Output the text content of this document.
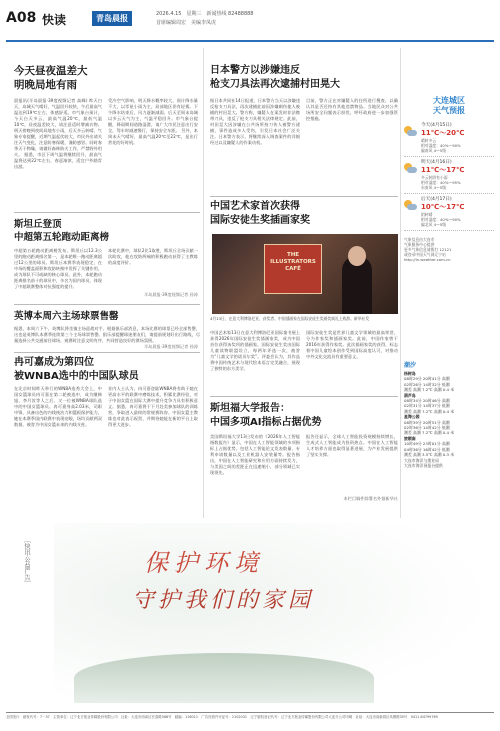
A08 快读	青岛晨报	2026.4.15　星期三　新闻热线 82488888
首席编辑周宏　美编李凤虎
今天昼夜温差大
明晚局地有雨
晨报讯(半岛晨报·39度视频记者 高峰) 昨天白天，岛城天气晴好，气温回升较快，午后最高气温达到19℃左右，体感舒适。市气象台预计，今天白天多云，最高气温20℃，最低气温10℃，昼夜温差较大，请注意适时增减衣物。明天傍晚到夜间局地有小雨，后天多云转晴。气象专家提醒，近期气温起伏较大，市民外出请关注天气变化，注意防寒保暖，谨防感冒。同时春季天干物燥，请做好森林防火工作，严禁野外用火。 据悉，市区下周气温将继续回升，最高气温将达到22℃左右，春意渐浓，适宜户外踏青出游。
受冷空气影响，明天降水概率较大，预计降水量不大，以零星小雨为主，局部地区伴有轻雾。下午降水结束后，风力逐渐减弱。后天至周末岛城以多云天气为主，气温平稳回升。市气象台提醒，降雨期间道路湿滑，请广大市民注意出行安全，驾车时减速慢行，保持安全车距。 另外，本周末天气晴好，最高气温20℃至22℃，是出行赏花的好时机。
斯坦丘登顶
中超第五轮跑动距离榜
中超第五轮跑动距离榜发布，斯坦丘以12.3公里的跑动距离排名第一，是本轮唯一跑动距离超过12公里的球员。斯坦丘本赛季表现稳定，在中场的覆盖面积和攻防转换中发挥了关键作用，成为球队不可或缺的核心球员。此外，本轮跑动距离排名前十的球员中，多名为国内球员，体现了中超联赛整体对抗强度的提升。
本轮比赛中，球队2比1取胜，斯坦丘全场贡献一次助攻，他在攻防两端的积极跑动获得了主教练的高度评价。
半岛晨报·39度视频记者 孙涛
英博本周六主场球票售罄
据悉，本周六下午，英博队将坐镇主场迎战对手。根据俱乐部消息，本场比赛的球票已经全部售罄，这也是英博队本赛季连续第三个主场球票售罄。俱乐部提醒球迷朋友们，请提前规划好出行路线，尽量选择公共交通前往球场，观赛时注意文明有序，共同营造良好的赛场氛围。
半岛晨报·39度视频记者 孙涛
冉可嘉成为第四位
被WNBA选中的中国队球员
在北京时间昨天举行的WNBA选秀大会上，中国女篮球员冉可嘉在第二轮被选中，成为继韩旭、李月汝等人之后，又一位被WNBA球队选中的中国女篮球员。冉可嘉身高2.03米，司职中锋，具备出色的内线统治力和篮板保护能力。她在本赛季国内联赛中表现亮眼，场均贡献两双数据，被誉为中国女篮未来的内线支柱。
业内人士认为，冉可嘉登陆WNBA将有助于她在更高水平的联赛中磨练技术，积累比赛经验，对于中国女篮在国际大赛中提升竞争力具有积极意义。据悉，冉可嘉将于下月赴美参加球队的训练营，争取进入最终的常规赛阵容。中国女篮主教练也对此表示祝贺，并期待她能在新的平台上取得更大进步。
日本警方以涉嫌违反
枪支刀具法再次逮捕村田晃大
据日本共同社14日报道，日本警方当天以涉嫌违反枪支刀具法，再次逮捕此前因涉嫌刺伤他人被捕的村田晃大。警方称，嫌疑人在案发时非法携带刀具，违反了枪支刀具相关法律规定。此前，村田晃大因涉嫌在公共场所持刀伤人被警方逮捕，事件造成多人受伤，引发日本社会广泛关注。日本警方表示，将继续深入调查案件的详细经过以及嫌疑人的作案动机。
目前，警方正在对嫌疑人的住所进行搜查，以确认其是否还持有其他违禁物品。当地民众对公共场所安全问题表示担忧，呼吁政府进一步加强管控措施。
中国艺术家首次获得
国际安徒生奖插画家奖
THE ILLUSTRATORS CAFÉ
4月13日，在意大利博洛尼亚，获奖者、中国插画家在国际安徒生奖颁奖典礼上致辞。新华社发
中国艺术家13日在意大利博洛尼亚国际童书展上获得2026年国际安徒生奖插画家奖，成为中国首位获得该奖项的插画家。国际安徒生奖由国际儿童读物联盟设立，每两年评选一次，被誉为“儿童文学的诺贝尔奖”。评委会认为，其作品将中国传统艺术与现代绘本语言完美融合，展现了独特的东方美学。
国际安徒生奖是世界儿童文学领域的最高荣誉，分为作家奖和插画家奖。此前，中国作家曾于2016年获得作家奖。此次插画家奖的获得，标志着中国儿童绘本创作受到国际高度认可，对推动中外文化交流具有重要意义。
斯坦福大学报告：
中国多项AI指标占据优势
美国斯坦福大学13日发布的《2026年人工智能指数报告》显示，中国在人工智能领域的多项指标上占据优势，包括人工智能论文发表数量、专利申请数量以及工业机器人安装量等。报告指出，中国在人工智能研究和应用方面持续发力，与美国之间的差距正在迅速缩小，部分领域已实现领先。
报告还显示，全球人工智能投资规模持续增长，生成式人工智能成为投资热点。中国在人工智能人才培养方面也取得显著进展，为产业发展提供了坚实支撑。
本栏目稿件除署名外据新华社
大连城区
天气预报
今天(4月15日)
11℃～20℃
晴转多云
相对湿度：40%～90%
偏南风 4～5级
明天(4月16日)
11℃～17℃
多云转阴有小雨
相对湿度：40%～95%
东南风 4～5级
后天(4月17日)
10℃～17℃
阴转晴
相对湿度：40%～90%
偏北风 4～5级
气象信息由大连市
气象服务中心提供
更多气象信息请拨打 12121
或登录中国天气网辽宁站
http://ln.weather.com.cn
潮汐
杨树岛
08时29分 20时41分 高潮
02时26分 14时32分 低潮
潮差 高潮 7.2℃ 高潮 0.4 米
葫芦岛
08时34分 20时46分 高潮
02时31分 14时37分 低潮
潮差 高潮 7.2℃ 高潮 0.4 米
星海公园
08时39分 20时51分 高潮
02时36分 14时42分 低潮
潮差 高潮 7.2℃ 高潮 0.4 米
旅顺南
10时49分 23时01分 高潮
04时36分 16时42分 低潮
潮差 高潮 3.5℃ 高潮 0.3 米
大连市海洋与渔业局
大连市海洋预报台提供
［快讯·公益广告］	保护环境
守护我们的家园
全国发行　邮发代号：7－37　主管单位：辽宁北方报业传媒股份有限公司　社址：大连市西岗区长春路368号　邮编：116011　广告经营许可证号：2102031　辽宁版权登记代号：辽宁北方报业传媒股份有限公司大连分公司印刷　社址：大连市高新园区凤栖路35号　0411-84799769
